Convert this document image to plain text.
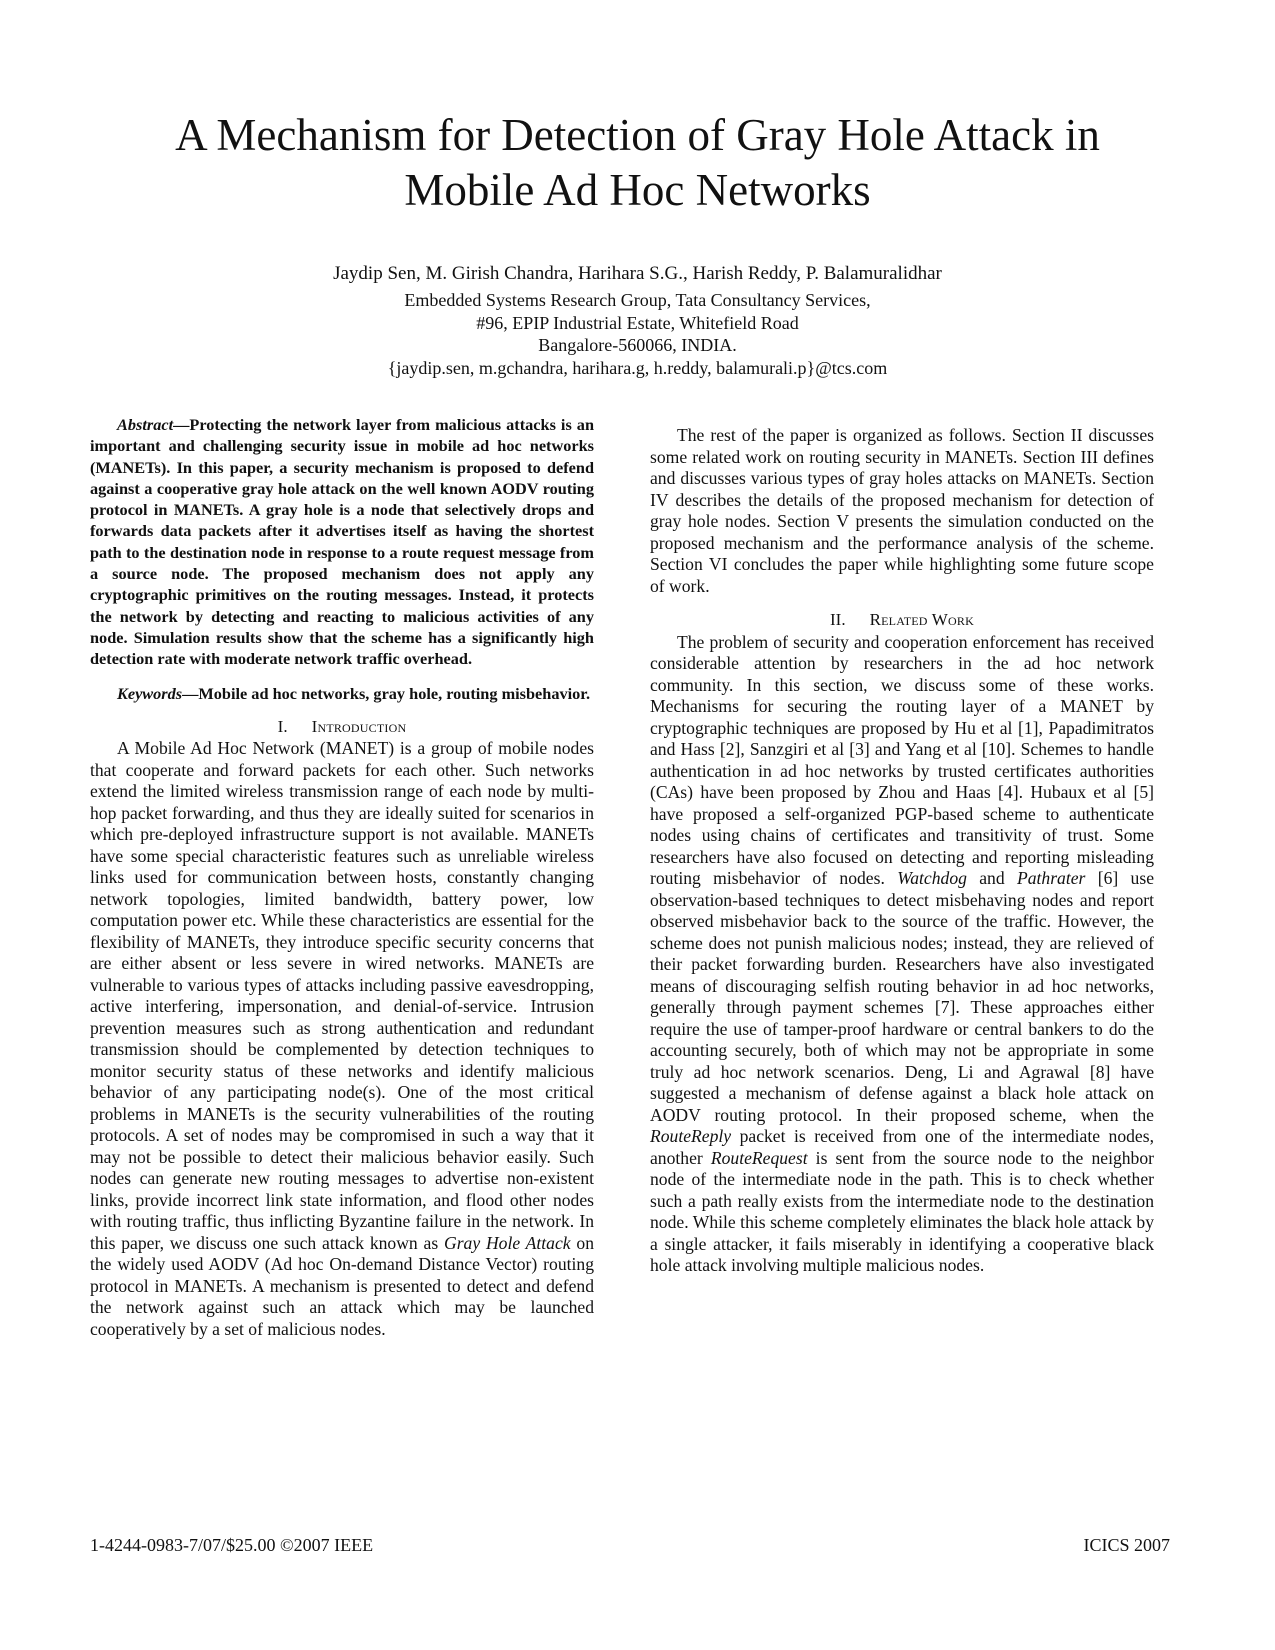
A Mechanism for Detection of Gray Hole Attack in
Mobile Ad Hoc Networks
Jaydip Sen, M. Girish Chandra, Harihara S.G., Harish Reddy, P. Balamuralidhar
Embedded Systems Research Group, Tata Consultancy Services,
#96, EPIP Industrial Estate, Whitefield Road
Bangalore-560066, INDIA.
{jaydip.sen, m.gchandra, harihara.g, h.reddy, balamurali.p}@tcs.com

Abstract—Protecting the network layer from malicious attacks is an important and challenging security issue in mobile ad hoc networks (MANETs). In this paper, a security mechanism is proposed to defend against a cooperative gray hole attack on the well known AODV routing protocol in MANETs. A gray hole is a node that selectively drops and forwards data packets after it advertises itself as having the shortest path to the destination node in response to a route request message from a source node. The proposed mechanism does not apply any cryptographic primitives on the routing messages. Instead, it protects the network by detecting and reacting to malicious activities of any node. Simulation results show that the scheme has a significantly high detection rate with moderate network traffic overhead.

Keywords—Mobile ad hoc networks, gray hole, routing misbehavior.

I. Introduction

A Mobile Ad Hoc Network (MANET) is a group of mobile nodes that cooperate and forward packets for each other. Such networks extend the limited wireless transmission range of each node by multi-hop packet forwarding, and thus they are ideally suited for scenarios in which pre-deployed infrastructure support is not available. MANETs have some special characteristic features such as unreliable wireless links used for communication between hosts, constantly changing network topologies, limited bandwidth, battery power, low computation power etc. While these characteristics are essential for the flexibility of MANETs, they introduce specific security concerns that are either absent or less severe in wired networks. MANETs are vulnerable to various types of attacks including passive eavesdropping, active interfering, impersonation, and denial-of-service. Intrusion prevention measures such as strong authentication and redundant transmission should be complemented by detection techniques to monitor security status of these networks and identify malicious behavior of any participating node(s). One of the most critical problems in MANETs is the security vulnerabilities of the routing protocols. A set of nodes may be compromised in such a way that it may not be possible to detect their malicious behavior easily. Such nodes can generate new routing messages to advertise non-existent links, provide incorrect link state information, and flood other nodes with routing traffic, thus inflicting Byzantine failure in the network. In this paper, we discuss one such attack known as Gray Hole Attack on the widely used AODV (Ad hoc On-demand Distance Vector) routing protocol in MANETs. A mechanism is presented to detect and defend the network against such an attack which may be launched cooperatively by a set of malicious nodes.

The rest of the paper is organized as follows. Section II discusses some related work on routing security in MANETs. Section III defines and discusses various types of gray holes attacks on MANETs. Section IV describes the details of the proposed mechanism for detection of gray hole nodes. Section V presents the simulation conducted on the proposed mechanism and the performance analysis of the scheme. Section VI concludes the paper while highlighting some future scope of work.

II. Related Work

The problem of security and cooperation enforcement has received considerable attention by researchers in the ad hoc network community. In this section, we discuss some of these works. Mechanisms for securing the routing layer of a MANET by cryptographic techniques are proposed by Hu et al [1], Papadimitratos and Hass [2], Sanzgiri et al [3] and Yang et al [10]. Schemes to handle authentication in ad hoc networks by trusted certificates authorities (CAs) have been proposed by Zhou and Haas [4]. Hubaux et al [5] have proposed a self-organized PGP-based scheme to authenticate nodes using chains of certificates and transitivity of trust. Some researchers have also focused on detecting and reporting misleading routing misbehavior of nodes. Watchdog and Pathrater [6] use observation-based techniques to detect misbehaving nodes and report observed misbehavior back to the source of the traffic. However, the scheme does not punish malicious nodes; instead, they are relieved of their packet forwarding burden. Researchers have also investigated means of discouraging selfish routing behavior in ad hoc networks, generally through payment schemes [7]. These approaches either require the use of tamper-proof hardware or central bankers to do the accounting securely, both of which may not be appropriate in some truly ad hoc network scenarios. Deng, Li and Agrawal [8] have suggested a mechanism of defense against a black hole attack on AODV routing protocol. In their proposed scheme, when the RouteReply packet is received from one of the intermediate nodes, another RouteRequest is sent from the source node to the neighbor node of the intermediate node in the path. This is to check whether such a path really exists from the intermediate node to the destination node. While this scheme completely eliminates the black hole attack by a single attacker, it fails miserably in identifying a cooperative black hole attack involving multiple malicious nodes.

1-4244-0983-7/07/$25.00 ©2007 IEEE	ICICS 2007
